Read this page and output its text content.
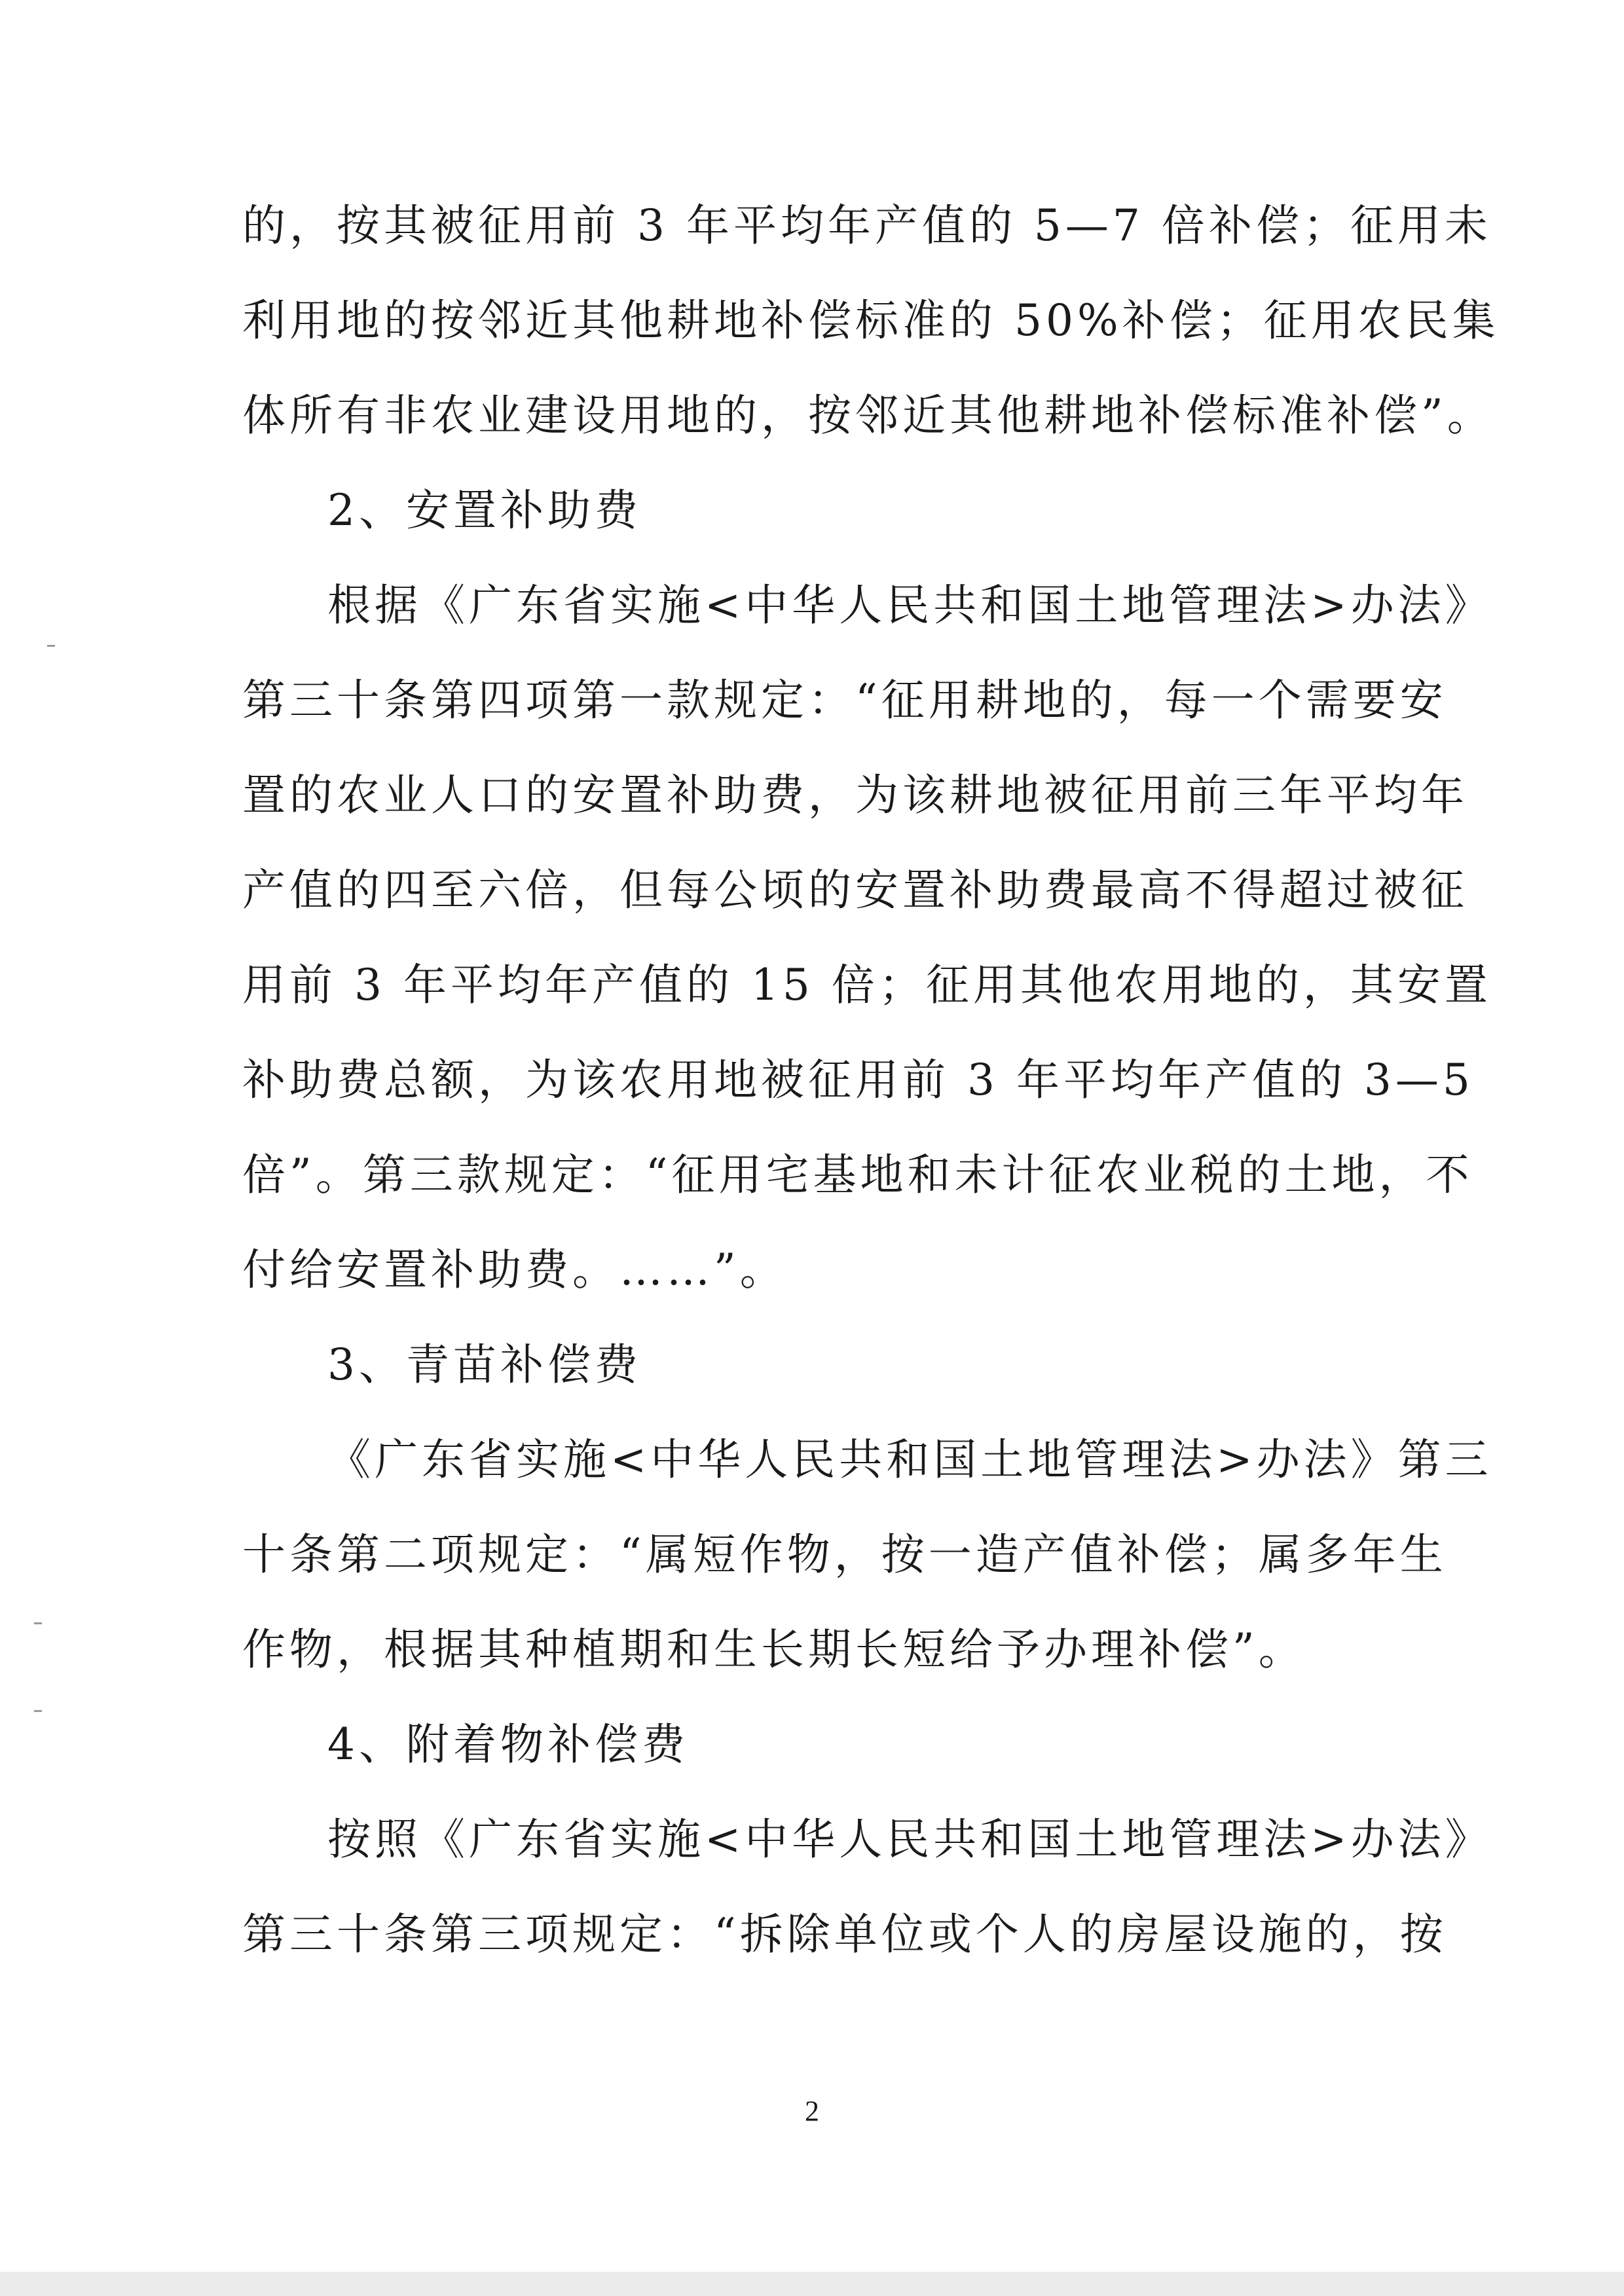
的，按其被征用前 3 年平均年产值的 5—7 倍补偿；征用未
利用地的按邻近其他耕地补偿标准的 50%补偿；征用农民集
体所有非农业建设用地的，按邻近其他耕地补偿标准补偿”。
2、安置补助费
根据《广东省实施<中华人民共和国土地管理法>办法》
第三十条第四项第一款规定：“征用耕地的，每一个需要安
置的农业人口的安置补助费，为该耕地被征用前三年平均年
产值的四至六倍，但每公顷的安置补助费最高不得超过被征
用前 3 年平均年产值的 15 倍；征用其他农用地的，其安置
补助费总额，为该农用地被征用前 3 年平均年产值的 3—5
倍”。第三款规定：“征用宅基地和未计征农业税的土地，不
付给安置补助费。……”。
3、青苗补偿费
《广东省实施<中华人民共和国土地管理法>办法》第三
十条第二项规定：“属短作物，按一造产值补偿；属多年生
作物，根据其种植期和生长期长短给予办理补偿”。
4、附着物补偿费
按照《广东省实施<中华人民共和国土地管理法>办法》
第三十条第三项规定：“拆除单位或个人的房屋设施的，按
2
